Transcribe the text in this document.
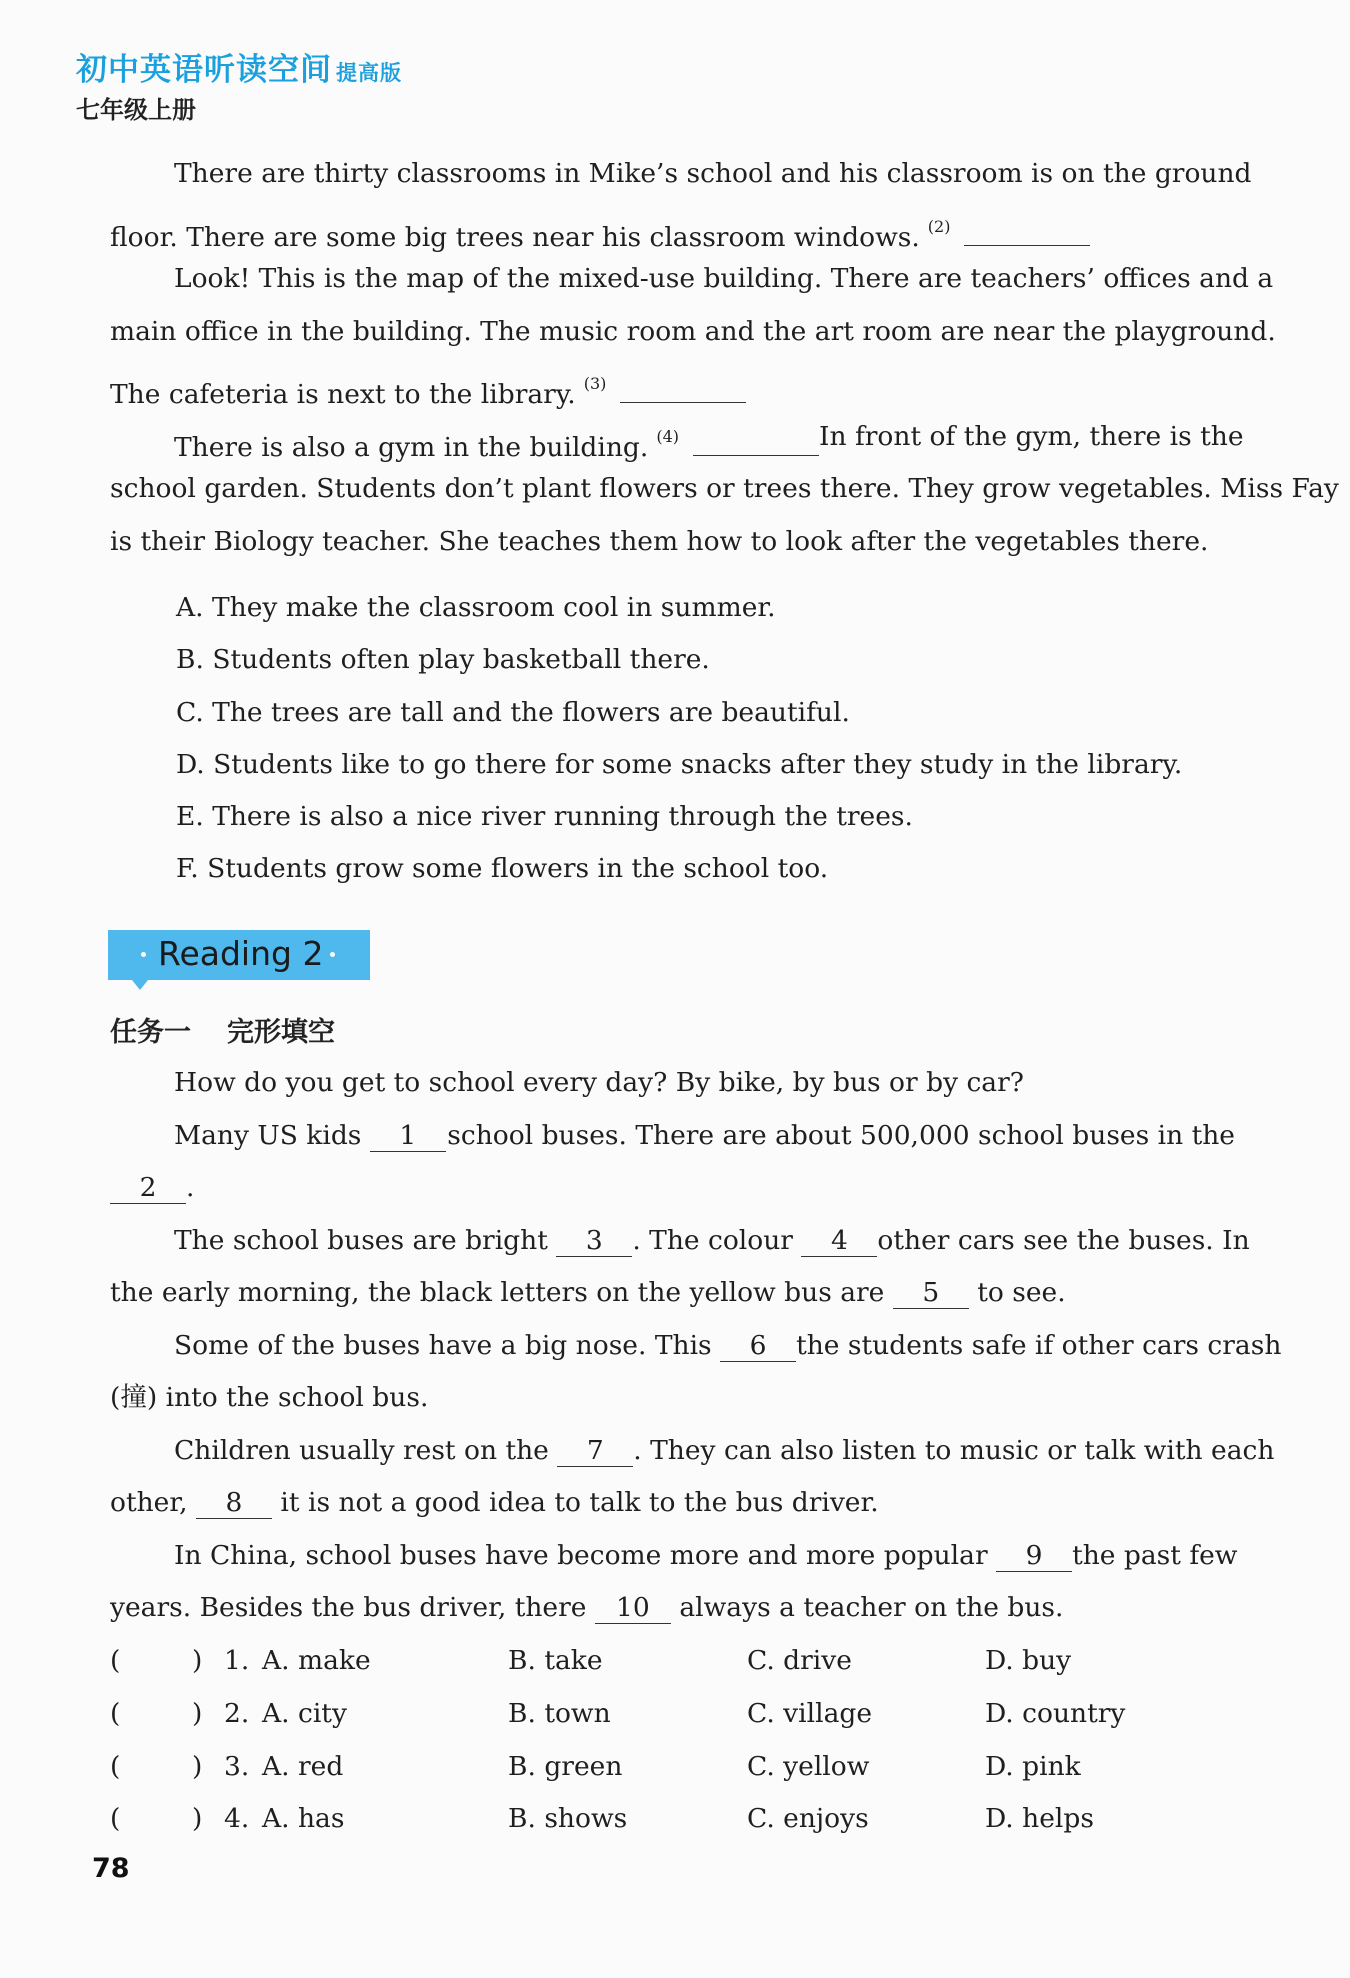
初中英语听读空间 提高版
七年级上册
There are thirty classrooms in Mike’s school and his classroom is on the ground
floor. There are some big trees near his classroom windows. $^{(2)}$
Look! This is the map of the mixed-use building. There are teachers’ offices and a
main office in the building. The music room and the art room are near the playground.
The cafeteria is next to the library. $^{(3)}$
There is also a gym in the building. $^{(4)}$	In front of the gym, there is the
school garden. Students don’t plant flowers or trees there. They grow vegetables. Miss Fay
is their Biology teacher. She teaches them how to look after the vegetables there.
A. They make the classroom cool in summer.
B. Students often play basketball there.
C. The trees are tall and the flowers are beautiful.
D. Students like to go there for some snacks after they study in the library.
E. There is also a nice river running through the trees.
F. Students grow some flowers in the school too.
Reading 2
任务一 完形填空
How do you get to school every day? By bike, by bus or by car?
Many US kids 1	school buses. There are about 500,000 school buses in the
2 .
The school buses are bright 3 . The colour 4	other cars see the buses. In
the early morning, the black letters on the yellow bus are 5 to see.
Some of the buses have a big nose. This 6	the students safe if other cars crash
(撞) into the school bus.
Children usually rest on the 7	. They can also listen to music or talk with each
other, 8 it is not a good idea to talk to the bus driver.
In China, school buses have become more and more popular 9	the past few
years. Besides the bus driver, there 10 always a teacher on the bus.
(	) 1. A. make	B. take	C. drive	D. buy
(	) 2. A. city	B. town	C. village	D. country
(	) 3. A. red	B. green	C. yellow	D. pink
(	) 4. A. has	B. shows	C. enjoys	D. helps
78
